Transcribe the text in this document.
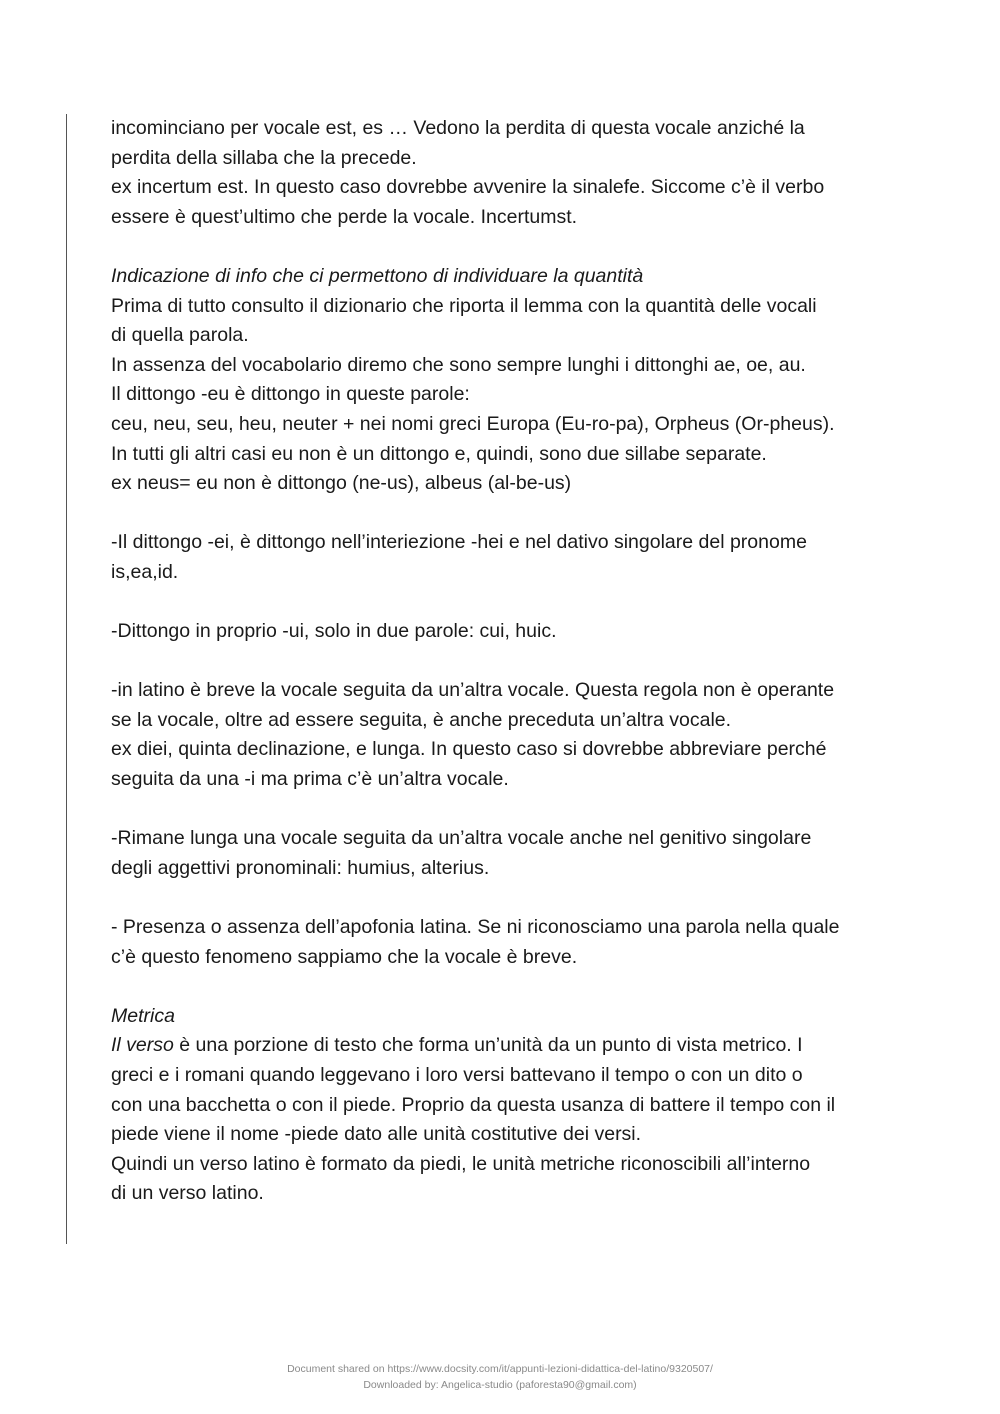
incominciano per vocale est, es … Vedono la perdita di questa vocale anziché la
perdita della sillaba che la precede.
ex incertum est. In questo caso dovrebbe avvenire la sinalefe. Siccome c’è il verbo
essere è quest’ultimo che perde la vocale. Incertumst.

Indicazione di info che ci permettono di individuare la quantità

Prima di tutto consulto il dizionario che riporta il lemma con la quantità delle vocali
di quella parola.
In assenza del vocabolario diremo che sono sempre lunghi i dittonghi ae, oe, au.
Il dittongo -eu è dittongo in queste parole:
ceu, neu, seu, heu, neuter + nei nomi greci Europa (Eu-ro-pa), Orpheus (Or-pheus).
In tutti gli altri casi eu non è un dittongo e, quindi, sono due sillabe separate.
ex neus= eu non è dittongo (ne-us), albeus (al-be-us)

-Il dittongo -ei, è dittongo nell’interiezione -hei e nel dativo singolare del pronome
is,ea,id.

-Dittongo in proprio -ui, solo in due parole: cui, huic.

-in latino è breve la vocale seguita da un’altra vocale. Questa regola non è operante
se la vocale, oltre ad essere seguita, è anche preceduta un’altra vocale.
ex diei, quinta declinazione, e lunga. In questo caso si dovrebbe abbreviare perché
seguita da una -i ma prima c’è un’altra vocale.

-Rimane lunga una vocale seguita da un’altra vocale anche nel genitivo singolare
degli aggettivi pronominali: humius, alterius.

- Presenza o assenza dell’apofonia latina. Se ni riconosciamo una parola nella quale
c’è questo fenomeno sappiamo che la vocale è breve.

Metrica

Il verso è una porzione di testo che forma un’unità da un punto di vista metrico. I
greci e i romani quando leggevano i loro versi battevano il tempo o con un dito o
con una bacchetta o con il piede. Proprio da questa usanza di battere il tempo con il
piede viene il nome -piede dato alle unità costitutive dei versi.
Quindi un verso latino è formato da piedi, le unità metriche riconoscibili all’interno
di un verso latino.

Document shared on https://www.docsity.com/it/appunti-lezioni-didattica-del-latino/9320507/
Downloaded by: Angelica-studio (paforesta90@gmail.com)
